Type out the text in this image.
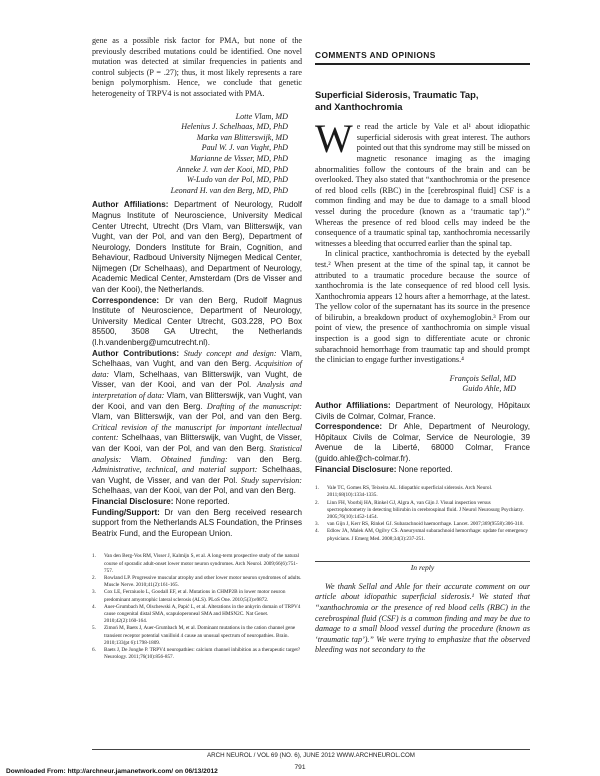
gene as a possible risk factor for PMA, but none of the previously described mutations could be identified. One novel mutation was detected at similar frequencies in patients and control subjects (P = .27); thus, it most likely represents a rare benign polymorphism. Hence, we conclude that genetic heterogeneity of TRPV4 is not associated with PMA.

Lotte Vlam, MD
Helenius J. Schelhaas, MD, PhD
Marka van Blitterswijk, MD
Paul W. J. van Vught, PhD
Marianne de Visser, MD, PhD
Anneke J. van der Kooi, MD, PhD
W-Ludo van der Pol, MD, PhD
Leonard H. van den Berg, MD, PhD

Author Affiliations: Department of Neurology, Rudolf Magnus Institute of Neuroscience, University Medical Center Utrecht, Utrecht (Drs Vlam, van Blitterswijk, van Vught, van der Pol, and van den Berg), Department of Neurology, Donders Institute for Brain, Cognition, and Behaviour, Radboud University Nijmegen Medical Center, Nijmegen (Dr Schelhaas), and Department of Neurology, Academic Medical Center, Amsterdam (Drs de Visser and van der Kooi), the Netherlands.

Correspondence: Dr van den Berg, Rudolf Magnus Institute of Neuroscience, Department of Neurology, University Medical Center Utrecht, G03.228, PO Box 85500, 3508 GA Utrecht, the Netherlands (l.h.vandenberg@umcutrecht.nl).

Author Contributions: Study concept and design: Vlam, Schelhaas, van Vught, and van den Berg. Acquisition of data: Vlam, Schelhaas, van Blitterswijk, van Vught, de Visser, van der Kooi, and van der Pol. Analysis and interpretation of data: Vlam, van Blitterswijk, van Vught, van der Kooi, and van den Berg. Drafting of the manuscript: Vlam, van Blitterswijk, van der Pol, and van den Berg. Critical revision of the manuscript for important intellectual content: Schelhaas, van Blitterswijk, van Vught, de Visser, van der Kooi, van der Pol, and van den Berg. Statistical analysis: Vlam. Obtained funding: van den Berg. Administrative, technical, and material support: Schelhaas, van Vught, de Visser, and van der Pol. Study supervision: Schelhaas, van der Kooi, van der Pol, and van den Berg.

Financial Disclosure: None reported.

Funding/Support: Dr van den Berg received research support from the Netherlands ALS Foundation, the Prinses Beatrix Fund, and the European Union.

1. Van den Berg-Vos RM, Visser J, Kalmijn S, et al. A long-term prospective study of the natural course of sporadic adult-onset lower motor neuron syndromes. Arch Neurol. 2009;66(6):751-757.
2. Rowland LP. Progressive muscular atrophy and other lower motor neuron syndromes of adults. Muscle Nerve. 2010;41(2):161-165.
3. Cox LE, Ferraiuolo L, Goodall EF, et al. Mutations in CHMP2B in lower motor neuron predominant amyotrophic lateral sclerosis (ALS). PLoS One. 2010;5(3):e9872.
4. Auer-Grumbach M, Olschewski A, Papić L, et al. Alterations in the ankyrin domain of TRPV4 cause congenital distal SMA, scapuloperoneal SMA and HMSN2C. Nat Genet. 2010;42(2):160-164.
5. Zimoń M, Baets J, Auer-Grumbach M, et al. Dominant mutations in the cation channel gene transient receptor potential vanilloid 4 cause an unusual spectrum of neuropathies. Brain. 2010;133(pt 6):1798-1809.
6. Baets J, De Jonghe P. TRPV4 neuropathies: calcium channel inhibition as a therapeutic target? Neurology. 2011;76(10):856-857.
COMMENTS AND OPINIONS
Superficial Siderosis, Traumatic Tap,
and Xanthochromia

We read the article by Vale et al¹ about idiopathic superficial siderosis with great interest. The authors pointed out that this syndrome may still be missed on magnetic resonance imaging as the imaging abnormalities follow the contours of the brain and can be overlooked. They also stated that “xanthochromia or the presence of red blood cells (RBC) in the [cerebrospinal fluid] CSF is a common finding and may be due to damage to a small blood vessel during the procedure (known as a ‘traumatic tap’).” Whereas the presence of red blood cells may indeed be the consequence of a traumatic spinal tap, xanthochromia necessarily witnesses a bleeding that occurred earlier than the spinal tap.

In clinical practice, xanthochromia is detected by the eyeball test.² When present at the time of the spinal tap, it cannot be attributed to a traumatic procedure because the source of xanthochromia is the late consequence of red blood cell lysis. Xanthochromia appears 12 hours after a hemorrhage, at the latest. The yellow color of the supernatant has its source in the presence of bilirubin, a breakdown product of oxyhemoglobin.³ From our point of view, the presence of xanthochromia on simple visual inspection is a good sign to differentiate acute or chronic subarachnoid hemorrhage from traumatic tap and should prompt the clinician to engage further investigations.⁴

François Sellal, MD
Guido Ahle, MD

Author Affiliations: Department of Neurology, Hôpitaux Civils de Colmar, Colmar, France.

Correspondence: Dr Ahle, Department of Neurology, Hôpitaux Civils de Colmar, Service de Neurologie, 39 Avenue de la Liberté, 68000 Colmar, France (guido.ahle@ch-colmar.fr).

Financial Disclosure: None reported.

1. Vale TC, Gomes RS, Teixeira AL. Idiopathic superficial siderosis. Arch Neurol. 2011;68(10):1334-1335.
2. Linn FH, Voorbij HA, Rinkel GJ, Algra A, van Gijn J. Visual inspection versus spectrophotometry in detecting bilirubin in cerebrospinal fluid. J Neurol Neurosurg Psychiatry. 2005;76(10):1452-1454.
3. van Gijn J, Kerr RS, Rinkel GJ. Subarachnoid haemorrhage. Lancet. 2007;369(9558):306-318.
4. Edlow JA, Malek AM, Ogilvy CS. Aneurysmal subarachnoid hemorrhage: update for emergency physicians. J Emerg Med. 2008;34(3):237-251.
In reply

We thank Sellal and Ahle for their accurate comment on our article about idiopathic superficial siderosis.¹ We stated that “xanthochromia or the presence of red blood cells (RBC) in the cerebrospinal fluid (CSF) is a common finding and may be due to damage to a small blood vessel during the procedure (known as ‘traumatic tap’).” We were trying to emphasize that the observed bleeding was not secondary to the

ARCH NEUROL / VOL 69 (NO. 6), JUNE 2012 WWW.ARCHNEUROL.COM
791
Downloaded From: http://archneur.jamanetwork.com/ on 06/13/2012
